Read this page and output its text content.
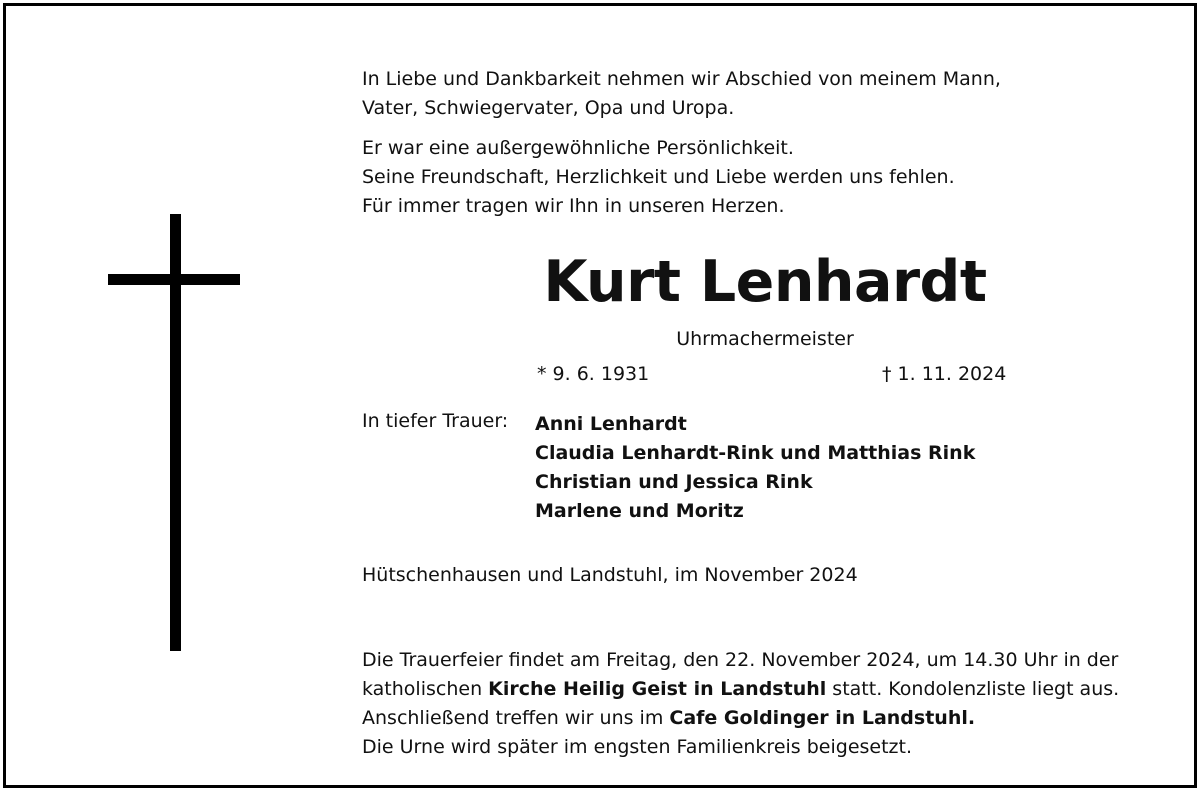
In Liebe und Dankbarkeit nehmen wir Abschied von meinem Mann,
Vater, Schwiegervater, Opa und Uropa.
Er war eine außergewöhnliche Persönlichkeit.
Seine Freundschaft, Herzlichkeit und Liebe werden uns fehlen.
Für immer tragen wir Ihn in unseren Herzen.
Kurt Lenhardt
Uhrmachermeister
* 9. 6. 1931	† 1. 11. 2024
In tiefer Trauer: Anni Lenhardt
Claudia Lenhardt-Rink und Matthias Rink
Christian und Jessica Rink
Marlene und Moritz
Hütschenhausen und Landstuhl, im November 2024
Die Trauerfeier findet am Freitag, den 22. November 2024, um 14.30 Uhr in der
katholischen Kirche Heilig Geist in Landstuhl statt. Kondolenzliste liegt aus.
Anschließend treffen wir uns im Cafe Goldinger in Landstuhl.
Die Urne wird später im engsten Familienkreis beigesetzt.
